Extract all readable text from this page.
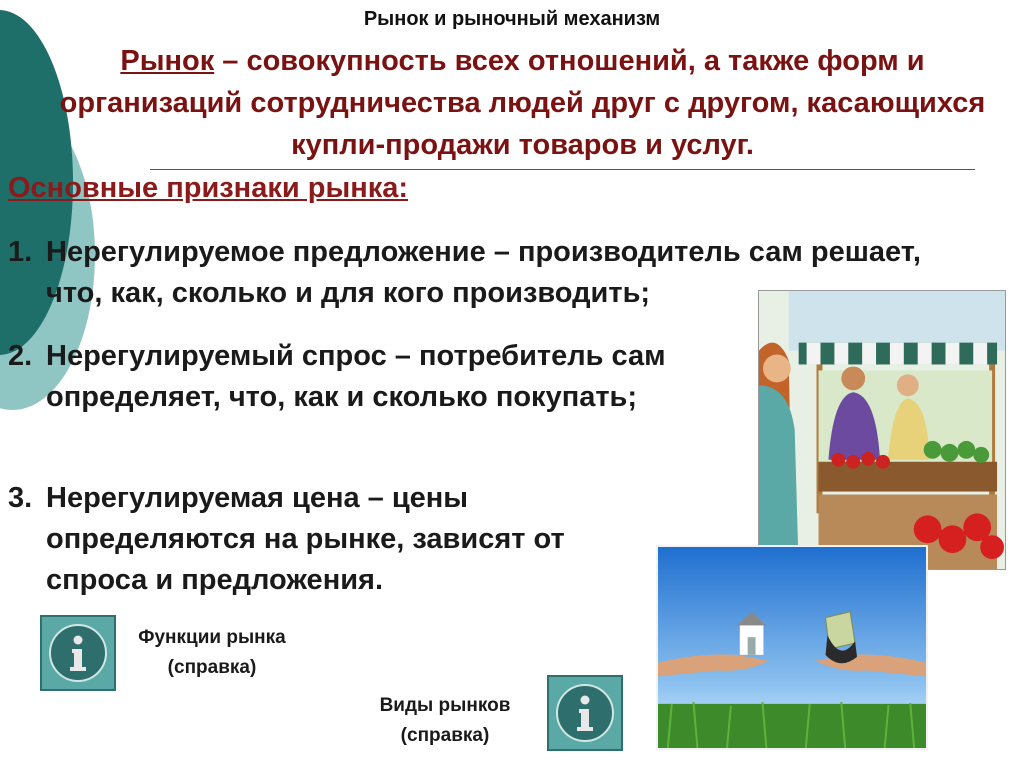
Рынок и рыночный механизм
Рынок – совокупность всех отношений, а также форм и организаций сотрудничества людей друг с другом, касающихся купли-продажи товаров и услуг.
Основные признаки рынка:
1. Нерегулируемое предложение – производитель сам решает, что, как, сколько и для кого производить;
2. Нерегулируемый спрос – потребитель сам определяет, что, как и сколько покупать;
3. Нерегулируемая цена – цены определяются на рынке, зависят от спроса и предложения.
Функции рынка
(справка)
Виды рынков
(справка)
